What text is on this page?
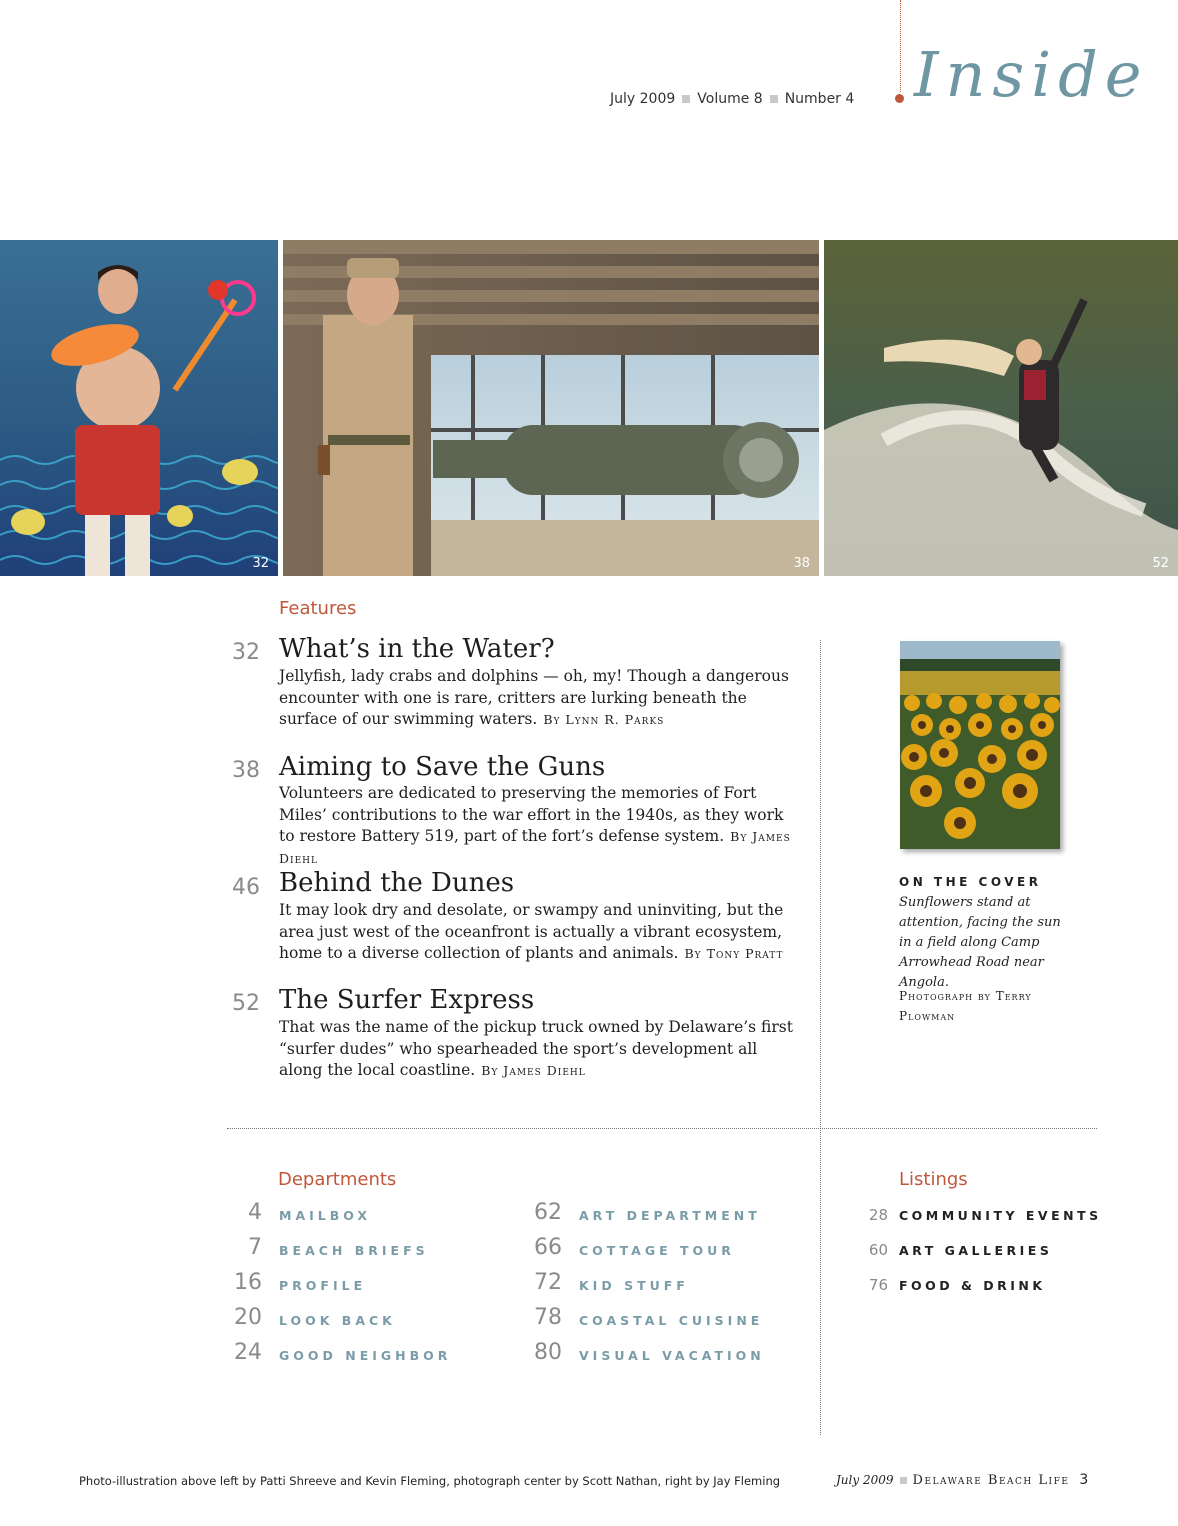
July 2009 Volume 8 Number 4 Inside
32	38	52
Features
32 What’s in the Water?
Jellyfish, lady crabs and dolphins — oh, my! Though a dangerous encounter with one is rare, critters are lurking beneath the surface of our swimming waters. By Lynn R. Parks
38 Aiming to Save the Guns
Volunteers are dedicated to preserving the memories of Fort Miles’ contributions to the war effort in the 1940s, as they work to restore Battery 519, part of the fort’s defense system. By James Diehl
46 Behind the Dunes
It may look dry and desolate, or swampy and uninviting, but the area just west of the oceanfront is actually a vibrant ecosystem, home to a diverse collection of plants and animals. By Tony Pratt
52 The Surfer Express
That was the name of the pickup truck owned by Delaware’s first “surfer dudes” who spearheaded the sport’s development all along the local coastline. By James Diehl
ON THE COVER
Sunflowers stand at attention, facing the sun in a field along Camp Arrowhead Road near Angola.
Photograph by Terry Plowman
Departments
4 MAILBOX
7 BEACH BRIEFS
16 PROFILE
20 LOOK BACK
24 GOOD NEIGHBOR
62 ART DEPARTMENT
66 COTTAGE TOUR
72 KID STUFF
78 COASTAL CUISINE
80 VISUAL VACATION
Listings
28 COMMUNITY EVENTS
60 ART GALLERIES
76 FOOD & DRINK
Photo-illustration above left by Patti Shreeve and Kevin Fleming, photograph center by Scott Nathan, right by Jay Fleming	July 2009 Delaware Beach Life 3
